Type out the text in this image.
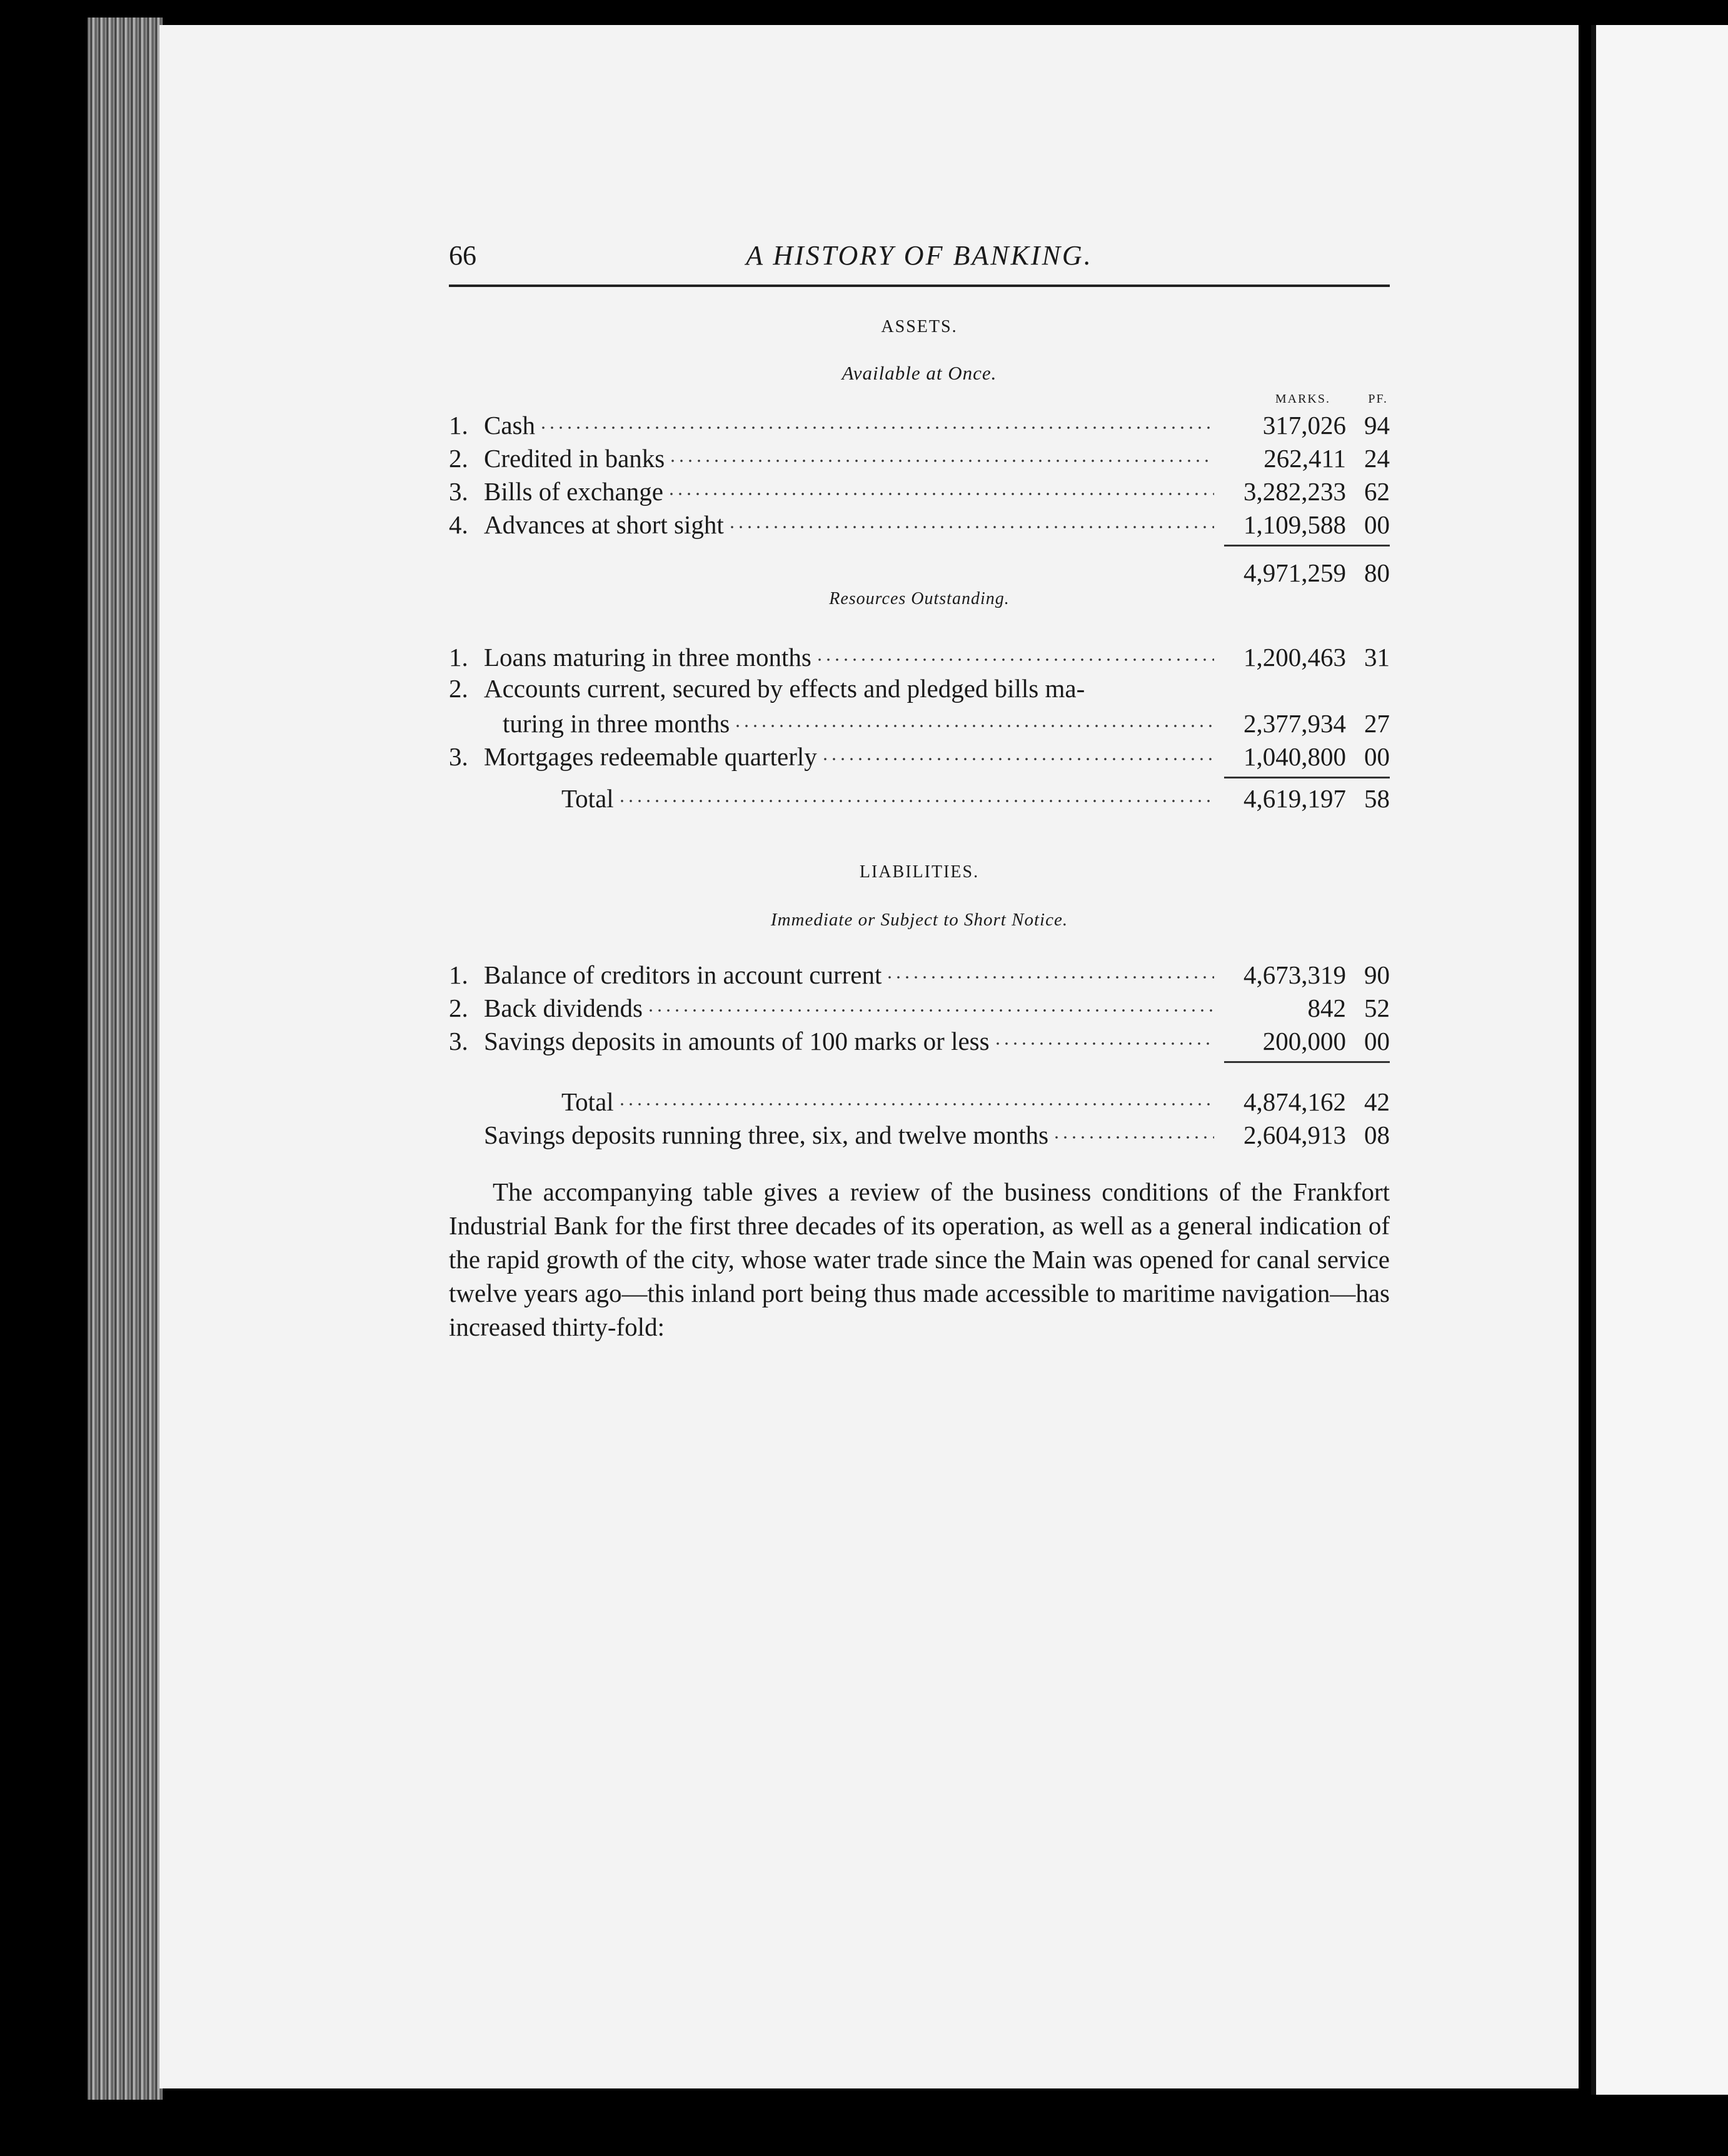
66	A HISTORY OF BANKING.
ASSETS.
Available at Once.
MARKS.	PF.
1. Cash	317,026 94
2. Credited in banks	262,411 24
3. Bills of exchange	3,282,233 62
4. Advances at short sight	1,109,588 00
4,971,259 80
Resources Outstanding.
1. Loans maturing in three months	1,200,463 31
2. Accounts current, secured by effects and pledged bills ma-
turing in three months	2,377,934 27
3. Mortgages redeemable quarterly	1,040,800 00
Total	4,619,197 58
LIABILITIES.
Immediate or Subject to Short Notice.
1. Balance of creditors in account current	4,673,319 90
2. Back dividends	842 52
3. Savings deposits in amounts of 100 marks or less	200,000 00
Total	4,874,162 42
Savings deposits running three, six, and twelve months	2,604,913 08

The accompanying table gives a review of the business conditions of the Frankfort Industrial Bank for the first three decades of its operation, as well as a general indication of the rapid growth of the city, whose water trade since the Main was opened for canal service twelve years ago—this inland port being thus made accessible to maritime navigation—has increased thirty-fold:
